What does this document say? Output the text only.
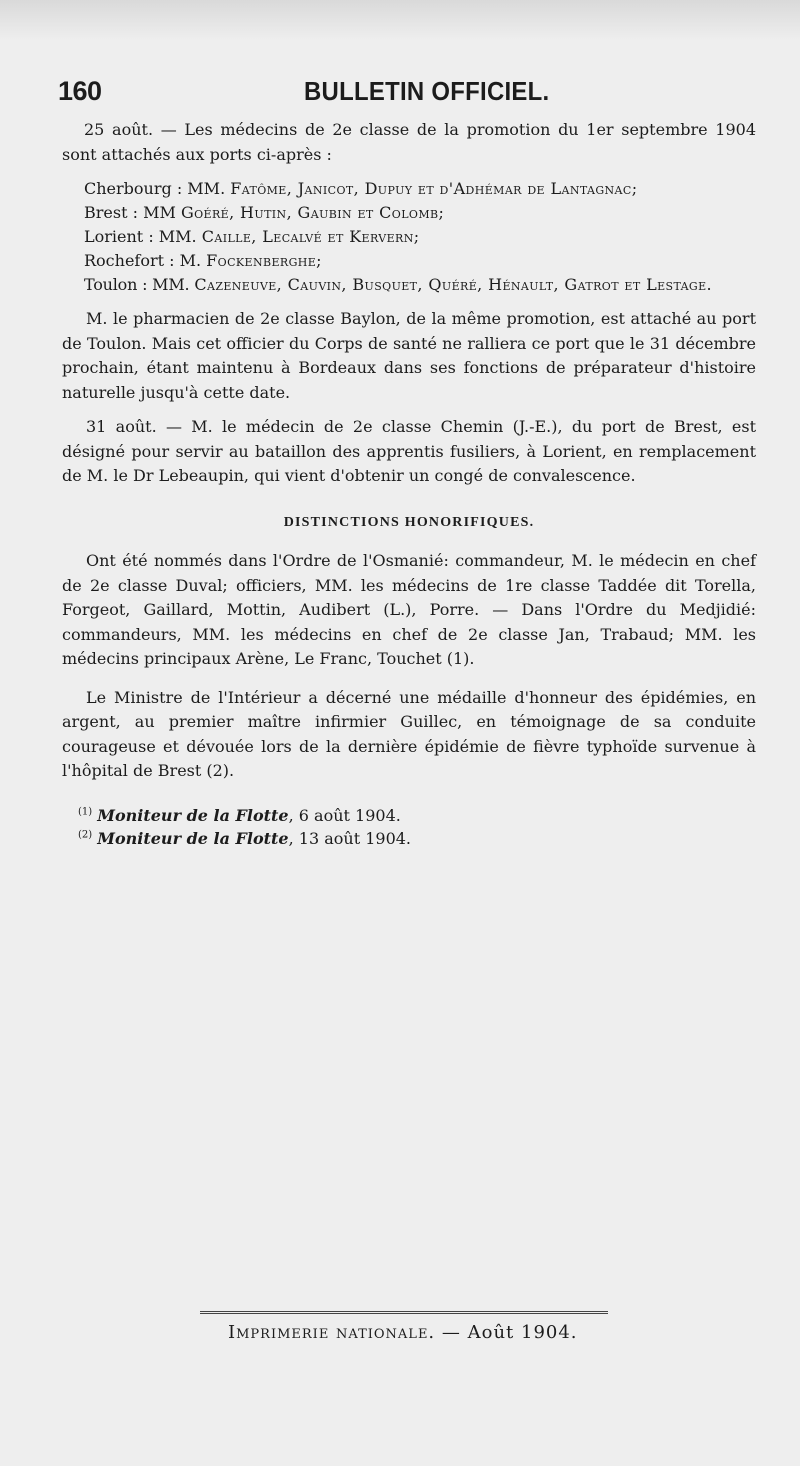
160	BULLETIN OFFICIEL.

25 août. — Les médecins de 2e classe de la promotion du 1er septembre 1904 sont attachés aux ports ci-après :

Cherbourg : MM. Fatôme, Janicot, Dupuy et d'Adhémar de Lantagnac;
Brest : MM Goéré, Hutin, Gaubin et Colomb;
Lorient : MM. Caille, Lecalvé et Kervern;
Rochefort : M. Fockenberghe;
Toulon : MM. Cazeneuve, Cauvin, Busquet, Quéré, Hénault, Gatrot et Lestage.

M. le pharmacien de 2e classe Baylon, de la même promotion, est attaché au port de Toulon. Mais cet officier du Corps de santé ne ralliera ce port que le 31 décembre prochain, étant maintenu à Bordeaux dans ses fonctions de préparateur d'histoire naturelle jusqu'à cette date.

31 août. — M. le médecin de 2e classe Chemin (J.-E.), du port de Brest, est désigné pour servir au bataillon des apprentis fusiliers, à Lorient, en remplacement de M. le Dr Lebeaupin, qui vient d'obtenir un congé de convalescence.

DISTINCTIONS HONORIFIQUES.

Ont été nommés dans l'Ordre de l'Osmanié: commandeur, M. le médecin en chef de 2e classe Duval; officiers, MM. les médecins de 1re classe Taddée dit Torella, Forgeot, Gaillard, Mottin, Audibert (L.), Porre. — Dans l'Ordre du Medjidié: commandeurs, MM. les médecins en chef de 2e classe Jan, Trabaud; MM. les médecins principaux Arène, Le Franc, Touchet (1).

Le Ministre de l'Intérieur a décerné une médaille d'honneur des épidémies, en argent, au premier maître infirmier Guillec, en témoignage de sa conduite courageuse et dévouée lors de la dernière épidémie de fièvre typhoïde survenue à l'hôpital de Brest (2).

$^{(1)}$ Moniteur de la Flotte, 6 août 1904.
$^{(2)}$ Moniteur de la Flotte, 13 août 1904.
Imprimerie nationale. — Août 1904.
